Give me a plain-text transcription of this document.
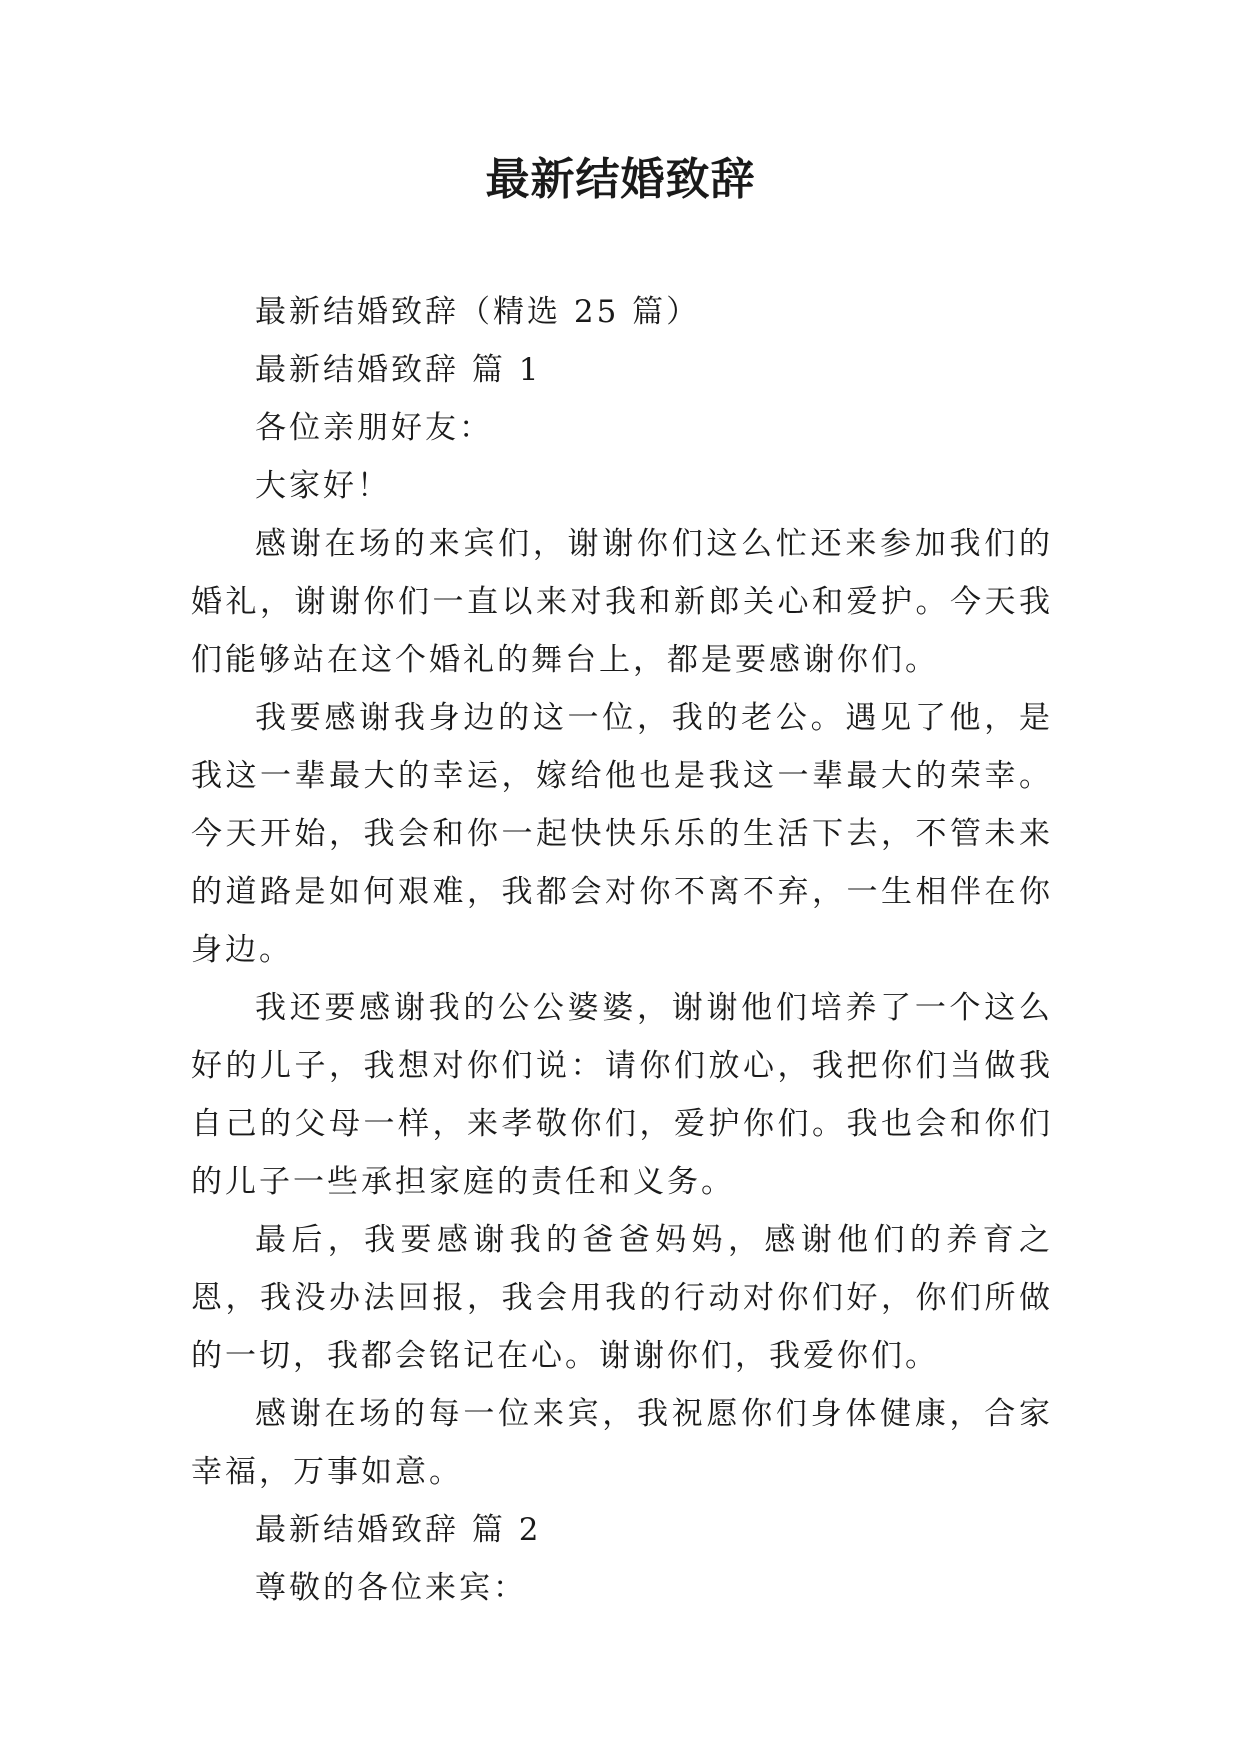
最新结婚致辞

最新结婚致辞（精选 25 篇）

最新结婚致辞 篇 1

各位亲朋好友：

大家好！

感谢在场的来宾们，谢谢你们这么忙还来参加我们的婚礼，谢谢你们一直以来对我和新郎关心和爱护。今天我们能够站在这个婚礼的舞台上，都是要感谢你们。

我要感谢我身边的这一位，我的老公。遇见了他，是我这一辈最大的幸运，嫁给他也是我这一辈最大的荣幸。今天开始，我会和你一起快快乐乐的生活下去，不管未来的道路是如何艰难，我都会对你不离不弃，一生相伴在你身边。

我还要感谢我的公公婆婆，谢谢他们培养了一个这么好的儿子，我想对你们说：请你们放心，我把你们当做我自己的父母一样，来孝敬你们，爱护你们。我也会和你们的儿子一些承担家庭的责任和义务。

最后，我要感谢我的爸爸妈妈，感谢他们的养育之恩，我没办法回报，我会用我的行动对你们好，你们所做的一切，我都会铭记在心。谢谢你们，我爱你们。

感谢在场的每一位来宾，我祝愿你们身体健康，合家幸福，万事如意。

最新结婚致辞 篇 2

尊敬的各位来宾：
